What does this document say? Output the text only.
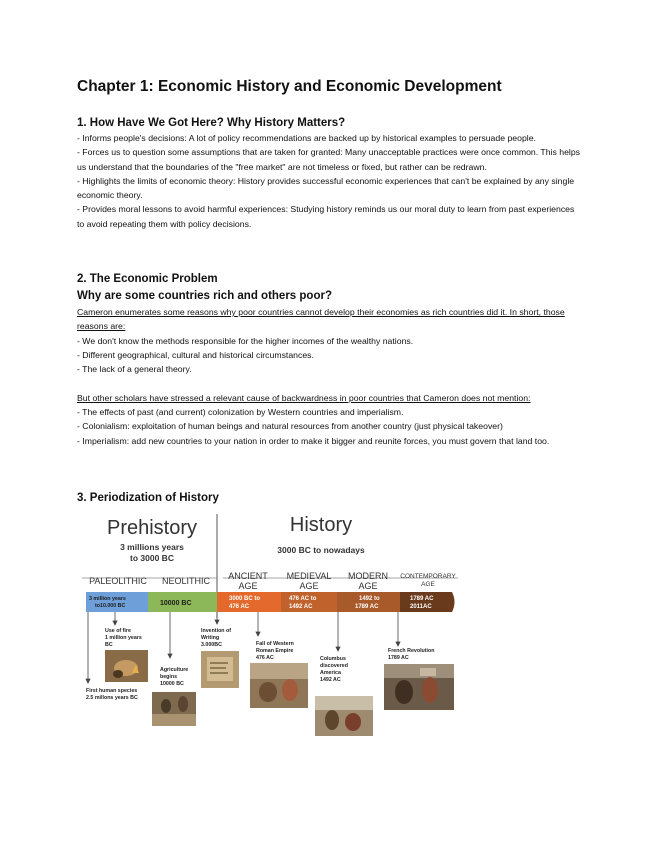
Chapter 1: Economic History and Economic Development
1. How Have We Got Here? Why History Matters?

- Informs people's decisions: A lot of policy recommendations are backed up by historical examples to persuade people.

- Forces us to question some assumptions that are taken for granted: Many unacceptable practices were once common. This helps us understand that the boundaries of the "free market" are not timeless or fixed, but rather can be redrawn.

- Highlights the limits of economic theory: History provides successful economic experiences that can't be explained by any single economic theory.

- Provides moral lessons to avoid harmful experiences: Studying history reminds us our moral duty to learn from past experiences to avoid repeating them with policy decisions.

2. The Economic Problem
Why are some countries rich and others poor?

Cameron enumerates some reasons why poor countries cannot develop their economies as rich countries did it. In short, those reasons are:

- We don't know the methods responsible for the higher incomes of the wealthy nations.

- Different geographical, cultural and historical circumstances.

- The lack of a general theory.

But other scholars have stressed a relevant cause of backwardness in poor countries that Cameron does not mention:

- The effects of past (and current) colonization by Western countries and imperialism.

- Colonialism: exploitation of human beings and natural resources from another country (just physical takeover)

- Imperialism: add new countries to your nation in order to make it bigger and reunite forces, you must govern that land too.

3. Periodization of History
Prehistory
3 millions years
to 3000 BC
History
3000 BC to nowadays
PALEOLITHIC NEOLITHIC ANCIENT
AGE
MEDIEVAL
AGE
MODERN
AGE
CONTEMPORARY
AGE
3 million years
to10.000 BC	10000 BC
3000 BC to
476 AC
476 AC to
1492 AC
1492 to
1789 AC
1789 AC
2011AC
Use of fire 1 million years BC
First human species 2.5 millons years BC
Agriculture begins 10000 BC
Invention of Writing 3.000BC	Fall of Western Roman Empire 476 AC	Columbus discovered America 1492 AC
French Revolution 1789 AC
